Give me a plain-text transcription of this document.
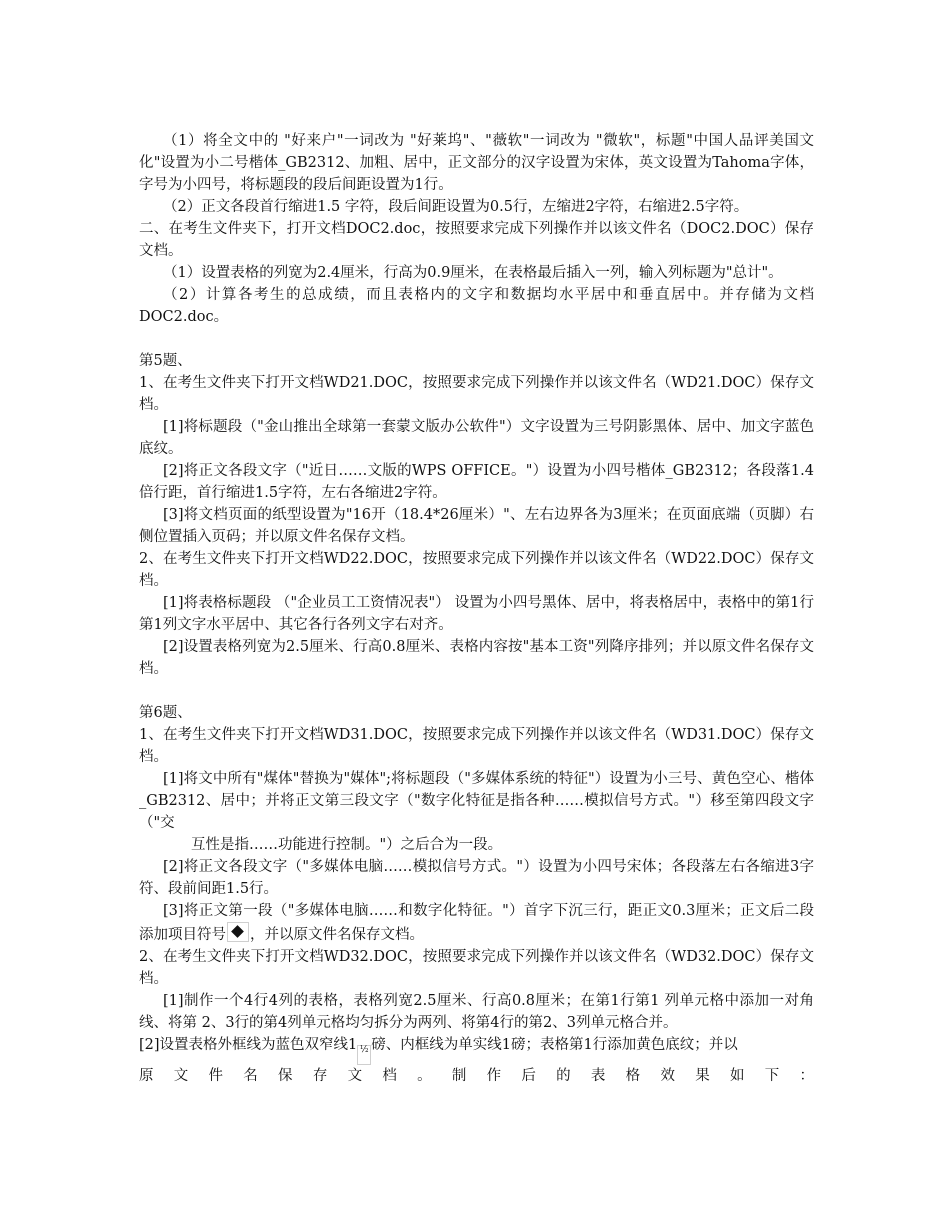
（1）将全文中的 "好来户"一词改为 "好莱坞"、"薇软"一词改为 "微软"，标题"中国人品评美国文化"设置为小二号楷体_GB2312、加粗、居中，正文部分的汉字设置为宋体，英文设置为Tahoma字体，字号为小四号，将标题段的段后间距设置为1行。

（2）正文各段首行缩进1.5 字符，段后间距设置为0.5行，左缩进2字符，右缩进2.5字符。

二、在考生文件夹下，打开文档DOC2.doc，按照要求完成下列操作并以该文件名（DOC2.DOC）保存文档。

（1）设置表格的列宽为2.4厘米，行高为0.9厘米，在表格最后插入一列，输入列标题为"总计"。

（2）计算各考生的总成绩，而且表格内的文字和数据均水平居中和垂直居中。并存储为文档DOC2.doc。

第5题、

1、在考生文件夹下打开文档WD21.DOC，按照要求完成下列操作并以该文件名（WD21.DOC）保存文档。

[1]将标题段（"金山推出全球第一套蒙文版办公软件"）文字设置为三号阴影黑体、居中、加文字蓝色底纹。

[2]将正文各段文字（"近日……文版的WPS OFFICE。"）设置为小四号楷体_GB2312；各段落1.4倍行距，首行缩进1.5字符，左右各缩进2字符。

[3]将文档页面的纸型设置为"16开（18.4*26厘米）"、左右边界各为3厘米；在页面底端（页脚）右侧位置插入页码；并以原文件名保存文档。

2、在考生文件夹下打开文档WD22.DOC，按照要求完成下列操作并以该文件名（WD22.DOC）保存文档。

[1]将表格标题段 （"企业员工工资情况表"） 设置为小四号黑体、居中，将表格居中，表格中的第1行第1列文字水平居中、其它各行各列文字右对齐。

[2]设置表格列宽为2.5厘米、行高0.8厘米、表格内容按"基本工资"列降序排列；并以原文件名保存文档。

第6题、

1、在考生文件夹下打开文档WD31.DOC，按照要求完成下列操作并以该文件名（WD31.DOC）保存文档。

[1]将文中所有"煤体"替换为"媒体";将标题段（"多媒体系统的特征"）设置为小三号、黄色空心、楷体_GB2312、居中；并将正文第三段文字（"数字化特征是指各种……模拟信号方式。"）移至第四段文字 （"交

互性是指……功能进行控制。"）之后合为一段。

[2]将正文各段文字（"多媒体电脑……模拟信号方式。"）设置为小四号宋体；各段落左右各缩进3字符、段前间距1.5行。

[3]将正文第一段（"多媒体电脑……和数字化特征。"）首字下沉三行，距正文0.3厘米；正文后二段添加项目符号 ，并以原文件名保存文档。

2、在考生文件夹下打开文档WD32.DOC，按照要求完成下列操作并以该文件名（WD32.DOC）保存文档。

[1]制作一个4行4列的表格，表格列宽2.5厘米、行高0.8厘米；在第1行第1 列单元格中添加一对角线、将第 2、3行的第4列单元格均匀拆分为两列、将第4行的第2、3列单元格合并。

[2]设置表格外框线为蓝色双窄线1 ½ 磅、内框线为单实线1磅；表格第1行添加黄色底纹；并以

原文件名保存文档。制作后的表格效果如下：
